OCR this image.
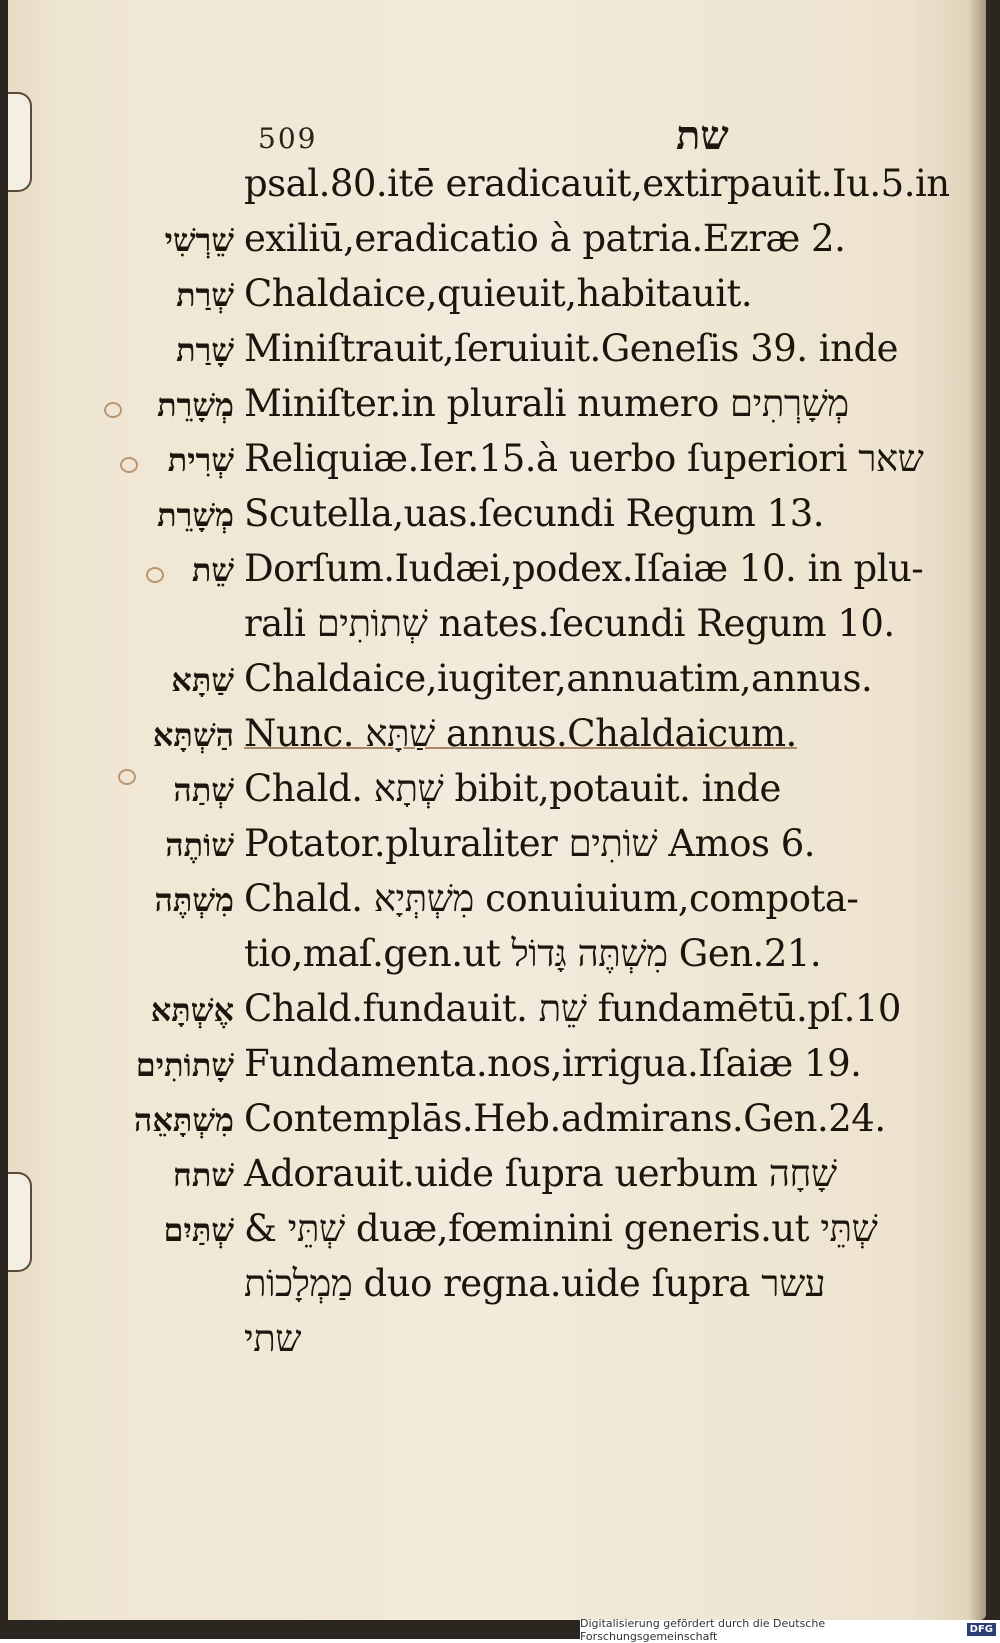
509	שת
psal.80.itē eradicauit,extirpauit.Iu.5.in
שֵׁרְשִׁי exiliū,eradicatio à patria.Ezræ 2.
שְׁרַת Chaldaice,quieuit,habitauit.
שָׁרַת Miniſtrauit,ſeruiuit.Geneſis 39. inde
מְשָׁרֵת Miniſter.in plurali numero מְשָׁרְתִים
שְׁרִית Reliquiæ.Ier.15.à uerbo ſuperiori שאר
מְשָׁרֵת Scutella,uas.ſecundi Regum 13.
שֵׁת Dorſum.Iudæi,podex.Iſaiæ 10. in plu-
rali שְׁתוֹתִים nates.ſecundi Regum 10.
שַׁתָּא Chaldaice,iugiter,annuatim,annus.
הַשְׁתָּא Nunc. שַׁתָּא annus.Chaldaicum.
שְׁתַה Chald. שְׁתָא bibit,potauit. inde
שׁוֹתֶה Potator.pluraliter שׁוֹתִים Amos 6.
מִשְׁתֶּה Chald. מִשְׁתְּיָא conuiuium,compota-
tio,maſ.gen.ut מִשְׁתֶּה גָּדוֹל Gen.21.
אֶשְׁתָּא Chald.fundauit. שֵׁת fundamētū.pſ.10
שָׁתוֹתִים Fundamenta.nos,irrigua.Iſaiæ 19.
מִשְׁתָּאֵה Contemplās.Heb.admirans.Gen.24.
שׁתח Adorauit.uide ſupra uerbum שָׁחָה
שְׁתַּיִם & שְׁתֵּי duæ,fœminini generis.ut שְׁתֵּי
מַמְלָכוֹת duo regna.uide ſupra עשר
שתי
Digitalisierung gefördert durch die Deutsche Forschungsgemeinschaft	DFG
